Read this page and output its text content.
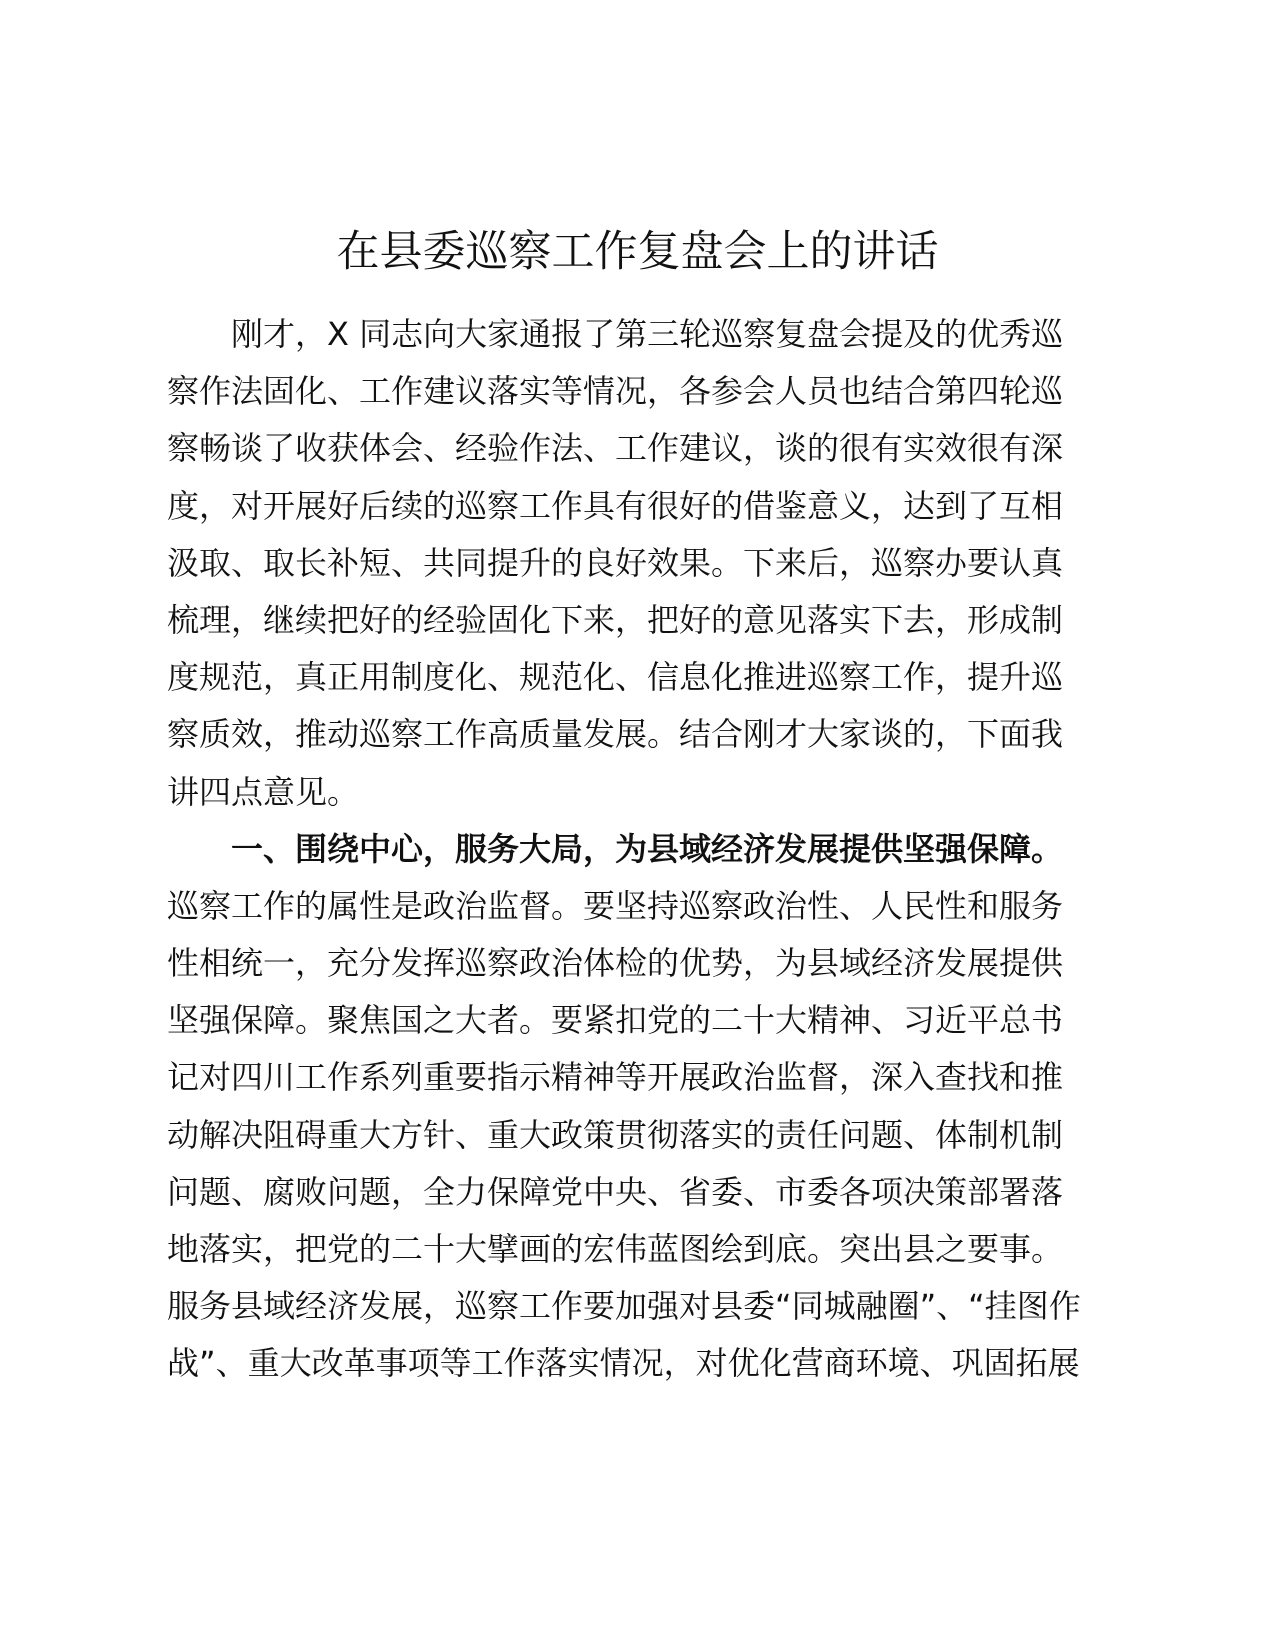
在县委巡察工作复盘会上的讲话
刚才，X 同志向大家通报了第三轮巡察复盘会提及的优秀巡
察作法固化、工作建议落实等情况，各参会人员也结合第四轮巡
察畅谈了收获体会、经验作法、工作建议，谈的很有实效很有深
度，对开展好后续的巡察工作具有很好的借鉴意义，达到了互相
汲取、取长补短、共同提升的良好效果。下来后，巡察办要认真
梳理，继续把好的经验固化下来，把好的意见落实下去，形成制
度规范，真正用制度化、规范化、信息化推进巡察工作，提升巡
察质效，推动巡察工作高质量发展。结合刚才大家谈的，下面我
讲四点意见。
一、围绕中心，服务大局，为县域经济发展提供坚强保障。
巡察工作的属性是政治监督。要坚持巡察政治性、人民性和服务
性相统一，充分发挥巡察政治体检的优势，为县域经济发展提供
坚强保障。聚焦国之大者。要紧扣党的二十大精神、习近平总书
记对四川工作系列重要指示精神等开展政治监督，深入查找和推
动解决阻碍重大方针、重大政策贯彻落实的责任问题、体制机制
问题、腐败问题，全力保障党中央、省委、市委各项决策部署落
地落实，把党的二十大擘画的宏伟蓝图绘到底。突出县之要事。
服务县域经济发展，巡察工作要加强对县委“同城融圈”、“挂图作
战”、重大改革事项等工作落实情况，对优化营商环境、巩固拓展
